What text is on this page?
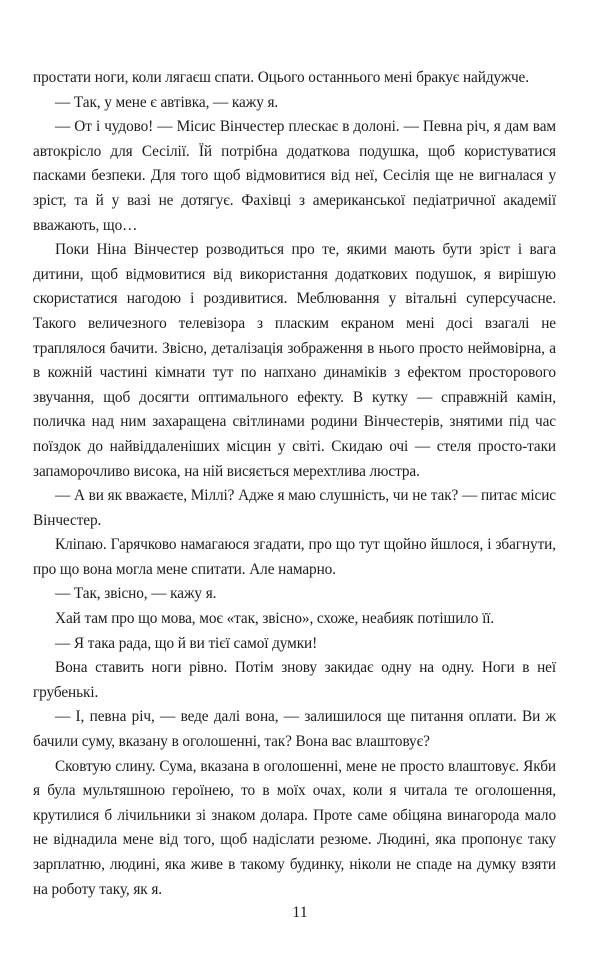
простати ноги, коли лягаєш спати. Оцього останнього мені бракує найдужче.

— Так, у мене є автівка, — кажу я.

— От і чудово! — Місис Вінчестер плескає в долоні. — Певна річ, я дам вам автокрісло для Сесілії. Їй потрібна додаткова подушка, щоб користуватися пасками безпеки. Для того щоб відмовитися від неї, Сесілія ще не вигналася у зріст, та й у вазі не дотягує. Фахівці з американської педіатричної академії вважають, що…

Поки Ніна Вінчестер розводиться про те, якими мають бути зріст і вага дитини, щоб відмовитися від використання додаткових подушок, я вирішую скористатися нагодою і роздивитися. Меблювання у вітальні суперсучасне. Такого величезного телевізора з пласким екраном мені досі взагалі не траплялося бачити. Звісно, деталізація зображення в нього просто неймовірна, а в кожній частині кімнати тут по напхано динаміків з ефектом просторового звучання, щоб досягти оптимального ефекту. В кутку — справжній камін, поличка над ним захаращена світлинами родини Вінчестерів, знятими під час поїздок до найвіддаленіших місцин у світі. Скидаю очі — стеля просто-таки запаморочливо висока, на ній висяється мерехтлива люстра.

— А ви як вважаєте, Міллі? Адже я маю слушність, чи не так? — питає місис Вінчестер.

Кліпаю. Гарячково намагаюся згадати, про що тут щойно йшлося, і збагнути, про що вона могла мене спитати. Але намарно.

— Так, звісно, — кажу я.

Хай там про що мова, моє «так, звісно», схоже, неабияк потішило її.

— Я така рада, що й ви тієї самої думки!

Вона ставить ноги рівно. Потім знову закидає одну на одну. Ноги в неї грубенькі.

— І, певна річ, — веде далі вона, — залишилося ще питання оплати. Ви ж бачили суму, вказану в оголошенні, так? Вона вас влаштовує?

Сковтую слину. Сума, вказана в оголошенні, мене не просто влаштовує. Якби я була мультяшною героїнею, то в моїх очах, коли я читала те оголошення, крутилися б лічильники зі знаком долара. Проте саме обіцяна винагорода мало не віднадила мене від того, щоб надіслати резюме. Людині, яка пропонує таку зарплатню, людині, яка живе в такому будинку, ніколи не спаде на думку взяти на роботу таку, як я.

11
